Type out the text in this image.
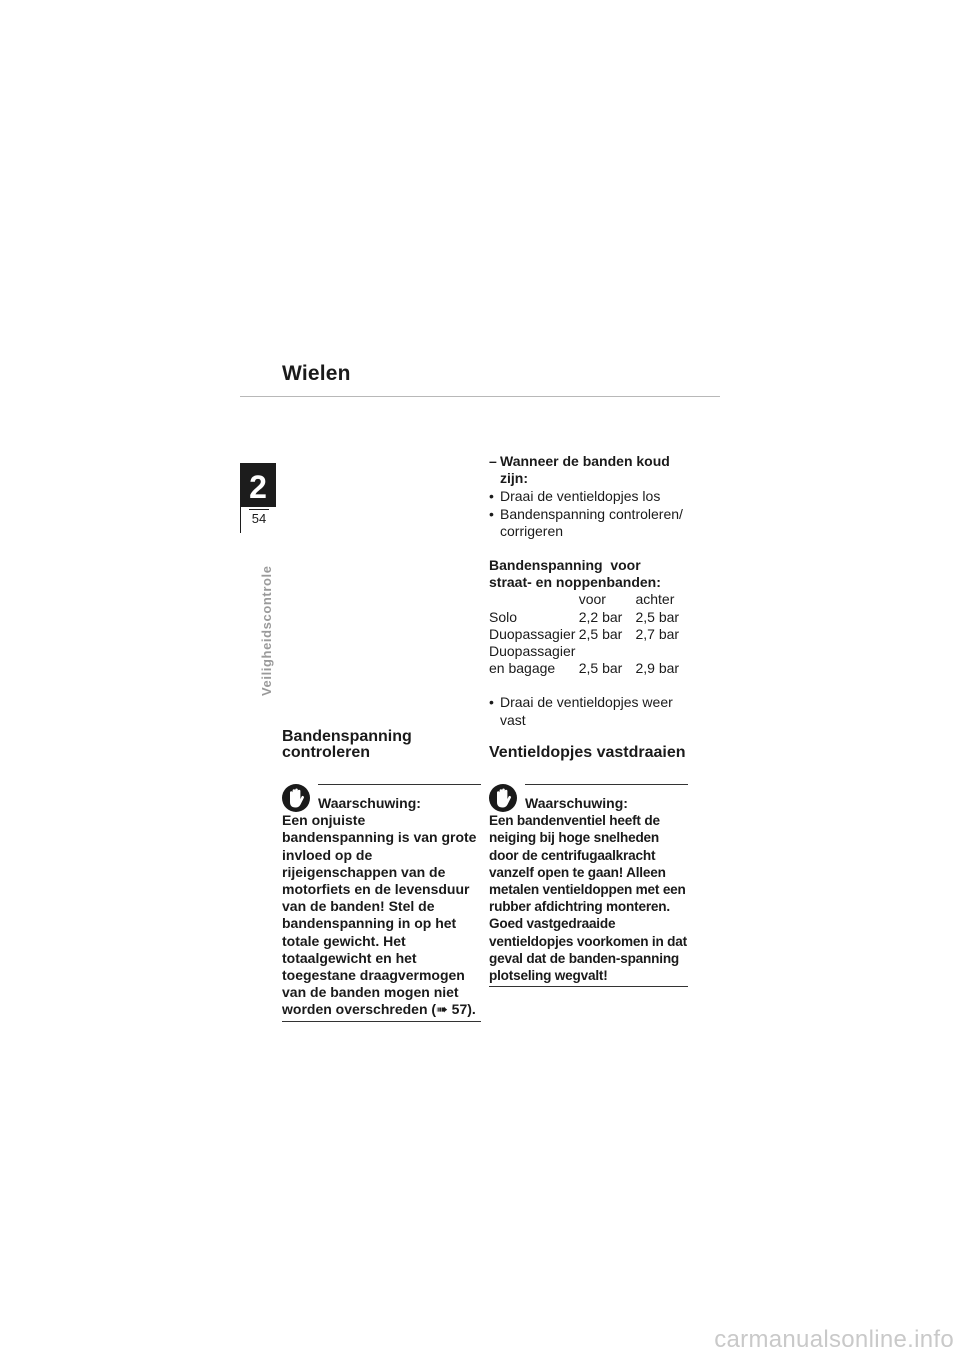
Wielen
2
54
Veiligheidscontrole
– Wanneer de banden koud zijn:
• Draai de ventieldopjes los
• Bandenspanning controleren/ corrigeren
Bandenspanning  voor
straat- en noppenbanden:
	voor	achter
Solo	2,2 bar	2,5 bar
Duopassagier	2,5 bar	2,7 bar
Duopassagier		
en bagage	2,5 bar	2,9 bar
• Draai de ventieldopjes weer vast
Bandenspanning
controleren	Ventieldopjes vastdraaien
Waarschuwing:
Een onjuiste bandenspanning is van grote invloed op de rijeigenschappen van de motorfiets en de levensduur van de banden! Stel de bandenspanning in op het totale gewicht. Het totaalgewicht en het toegestane draagvermogen van de banden mogen niet worden overschreden (➠ 57).
Waarschuwing:
Een bandenventiel heeft de neiging bij hoge snelheden door de centrifugaalkracht vanzelf open te gaan! Alleen metalen ventieldoppen met een rubber afdichtring monteren. Goed vastgedraaide ventieldopjes voorkomen in dat geval dat de banden-spanning plotseling wegvalt!
carmanualsonline.info
